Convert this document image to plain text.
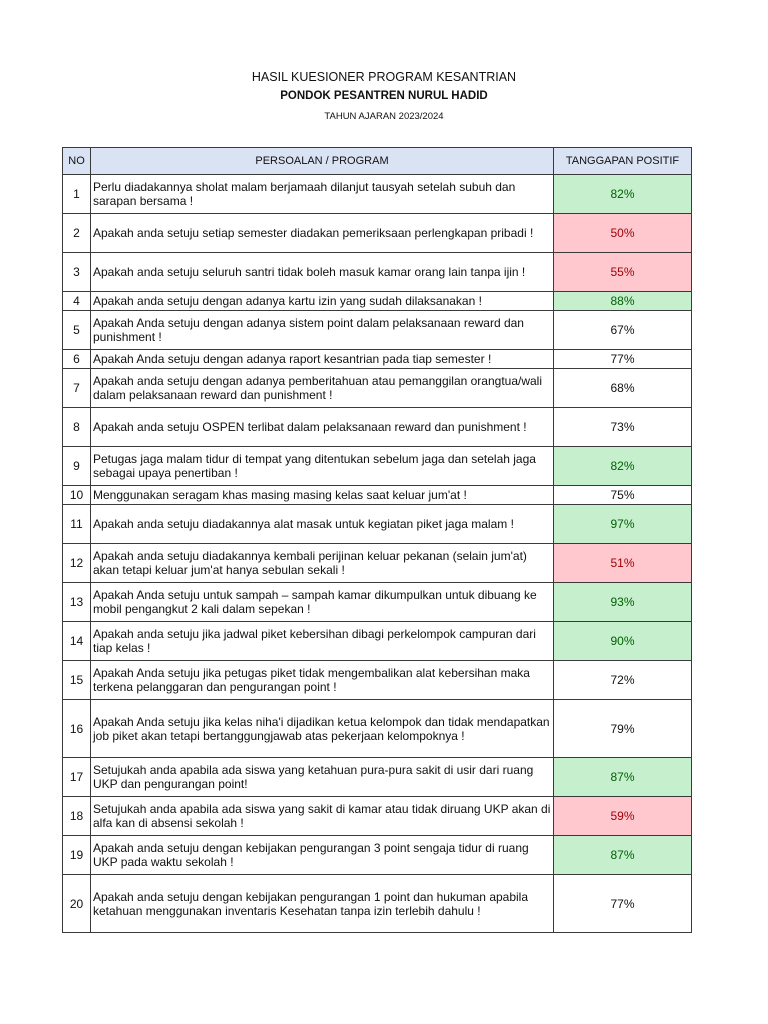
HASIL KUESIONER PROGRAM KESANTRIAN
PONDOK PESANTREN NURUL HADID
TAHUN AJARAN 2023/2024
NO	PERSOALAN / PROGRAM	TANGGAPAN POSITIF
1	Perlu diadakannya sholat malam berjamaah dilanjut tausyah setelah subuh dan sarapan bersama !	82%
2	Apakah anda setuju setiap semester diadakan pemeriksaan perlengkapan pribadi !	50%
3	Apakah anda setuju seluruh santri tidak boleh masuk kamar orang lain tanpa ijin !	55%
4	Apakah anda setuju dengan adanya kartu izin yang sudah dilaksanakan !	88%
5	Apakah Anda setuju dengan adanya sistem point dalam pelaksanaan reward dan punishment !	67%
6	Apakah Anda setuju dengan adanya raport kesantrian pada tiap semester !	77%
7	Apakah anda setuju dengan adanya pemberitahuan atau pemanggilan orangtua/wali dalam pelaksanaan reward dan punishment !	68%
8	Apakah anda setuju OSPEN terlibat dalam pelaksanaan reward dan punishment !	73%
9	Petugas jaga malam tidur di tempat yang ditentukan sebelum jaga dan setelah jaga sebagai upaya penertiban !	82%
10	Menggunakan seragam khas masing masing kelas saat keluar jum'at !	75%
11	Apakah anda setuju diadakannya alat masak untuk kegiatan piket jaga malam !	97%
12	Apakah anda setuju diadakannya kembali perijinan keluar pekanan (selain jum'at) akan tetapi keluar jum'at hanya sebulan sekali !	51%
13	Apakah Anda setuju untuk sampah – sampah kamar dikumpulkan untuk dibuang ke mobil pengangkut 2 kali dalam sepekan !	93%
14	Apakah anda setuju jika jadwal piket kebersihan dibagi perkelompok campuran dari tiap kelas !	90%
15	Apakah Anda setuju jika petugas piket tidak mengembalikan alat kebersihan maka terkena pelanggaran dan pengurangan point !	72%
16	Apakah Anda setuju jika kelas niha'i dijadikan ketua kelompok dan tidak mendapatkan job piket akan tetapi bertanggungjawab atas pekerjaan kelompoknya !	79%
17	Setujukah anda apabila ada siswa yang ketahuan pura-pura sakit di usir dari ruang UKP dan pengurangan point!	87%
18	Setujukah anda apabila ada siswa yang sakit di kamar atau tidak diruang UKP akan di alfa kan di absensi sekolah !	59%
19	Apakah anda setuju dengan kebijakan pengurangan 3 point sengaja tidur di ruang UKP pada waktu sekolah !	87%
20	Apakah anda setuju dengan kebijakan pengurangan 1 point dan hukuman apabila ketahuan menggunakan inventaris Kesehatan tanpa izin terlebih dahulu !	77%
